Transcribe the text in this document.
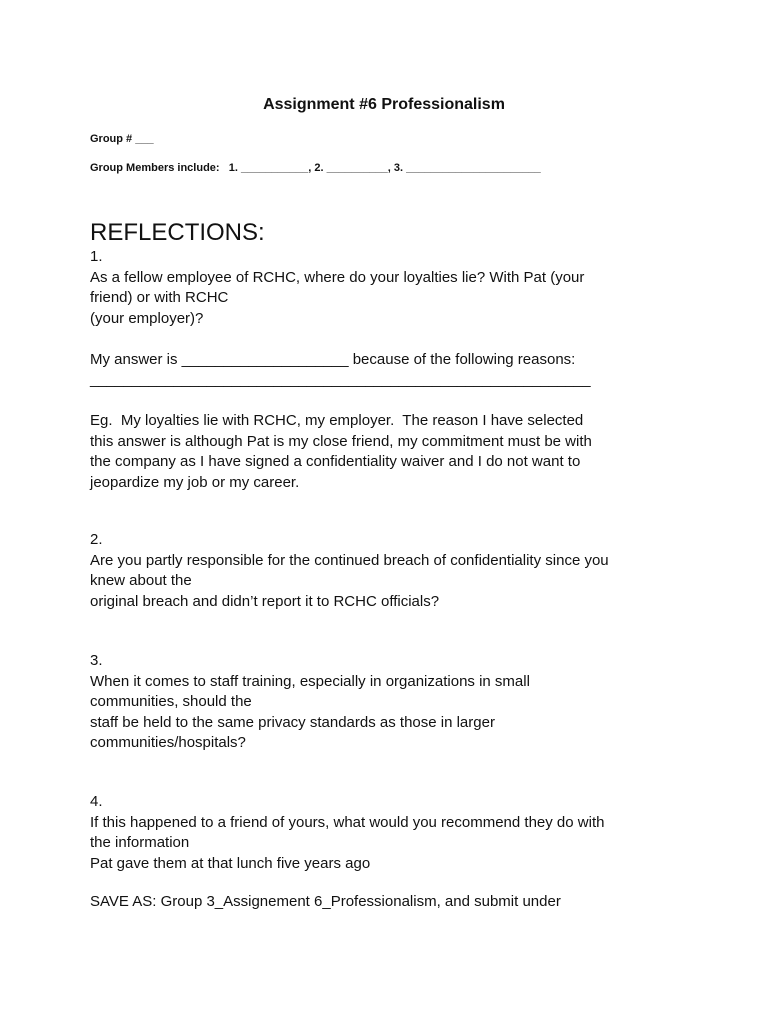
Assignment #6 Professionalism
Group # ___
Group Members include:   1. ___________, 2. __________, 3. ______________________
REFLECTIONS:
1.
As a fellow employee of RCHC, where do your loyalties lie? With Pat (your
friend) or with RCHC
(your employer)?

My answer is ____________________ because of the following reasons:
____________________________________________________________

Eg.  My loyalties lie with RCHC, my employer.  The reason I have selected
this answer is although Pat is my close friend, my commitment must be with
the company as I have signed a confidentiality waiver and I do not want to
jeopardize my job or my career.
2.
Are you partly responsible for the continued breach of confidentiality since you
knew about the
original breach and didn’t report it to RCHC officials?
3.
When it comes to staff training, especially in organizations in small
communities, should the
staff be held to the same privacy standards as those in larger
communities/hospitals?
4.
If this happened to a friend of yours, what would you recommend they do with
the information
Pat gave them at that lunch five years ago
SAVE AS: Group 3_Assignement 6_Professionalism, and submit under
